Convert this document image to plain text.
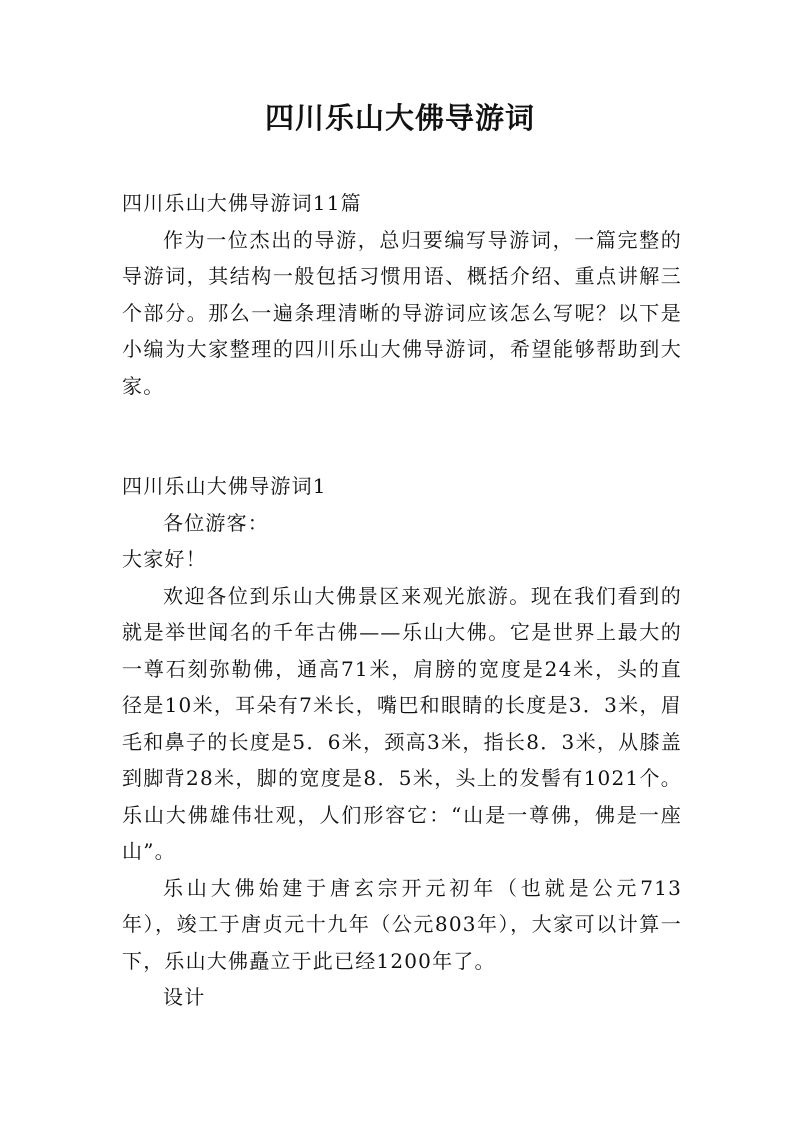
四川乐山大佛导游词

四川乐山大佛导游词11篇

作为一位杰出的导游，总归要编写导游词，一篇完整的导游词，其结构一般包括习惯用语、概括介绍、重点讲解三个部分。那么一遍条理清晰的导游词应该怎么写呢？以下是小编为大家整理的四川乐山大佛导游词，希望能够帮助到大家。

四川乐山大佛导游词1

各位游客：

大家好！

欢迎各位到乐山大佛景区来观光旅游。现在我们看到的就是举世闻名的千年古佛——乐山大佛。它是世界上最大的一尊石刻弥勒佛，通高71米，肩膀的宽度是24米，头的直径是10米，耳朵有7米长，嘴巴和眼睛的长度是3．3米，眉毛和鼻子的长度是5．6米，颈高3米，指长8．3米，从膝盖到脚背28米，脚的宽度是8．5米，头上的发髻有1021个。乐山大佛雄伟壮观，人们形容它：“山是一尊佛，佛是一座山”。

乐山大佛始建于唐玄宗开元初年（也就是公元713年），竣工于唐贞元十九年（公元803年），大家可以计算一下，乐山大佛矗立于此已经1200年了。

设计
